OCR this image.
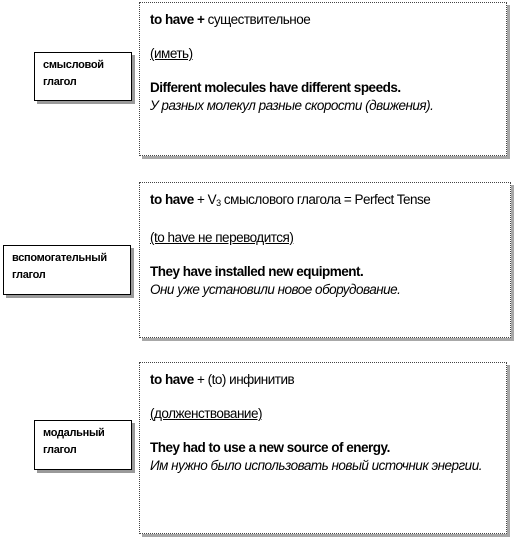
смысловой
глагол
to have + существительное
(иметь)
Different molecules have different speeds.
У разных молекул разные скорости (движения).
вспомогательный
глагол
to have + $V_3$ смыслового глагола = Perfect Tense
(to have не переводится)
They have installed new equipment.
Они уже установили новое оборудование.
модальный
глагол
to have + (to) инфинитив
(долженствование)
They had to use a new source of energy.
Им нужно было использовать новый источник энергии.
